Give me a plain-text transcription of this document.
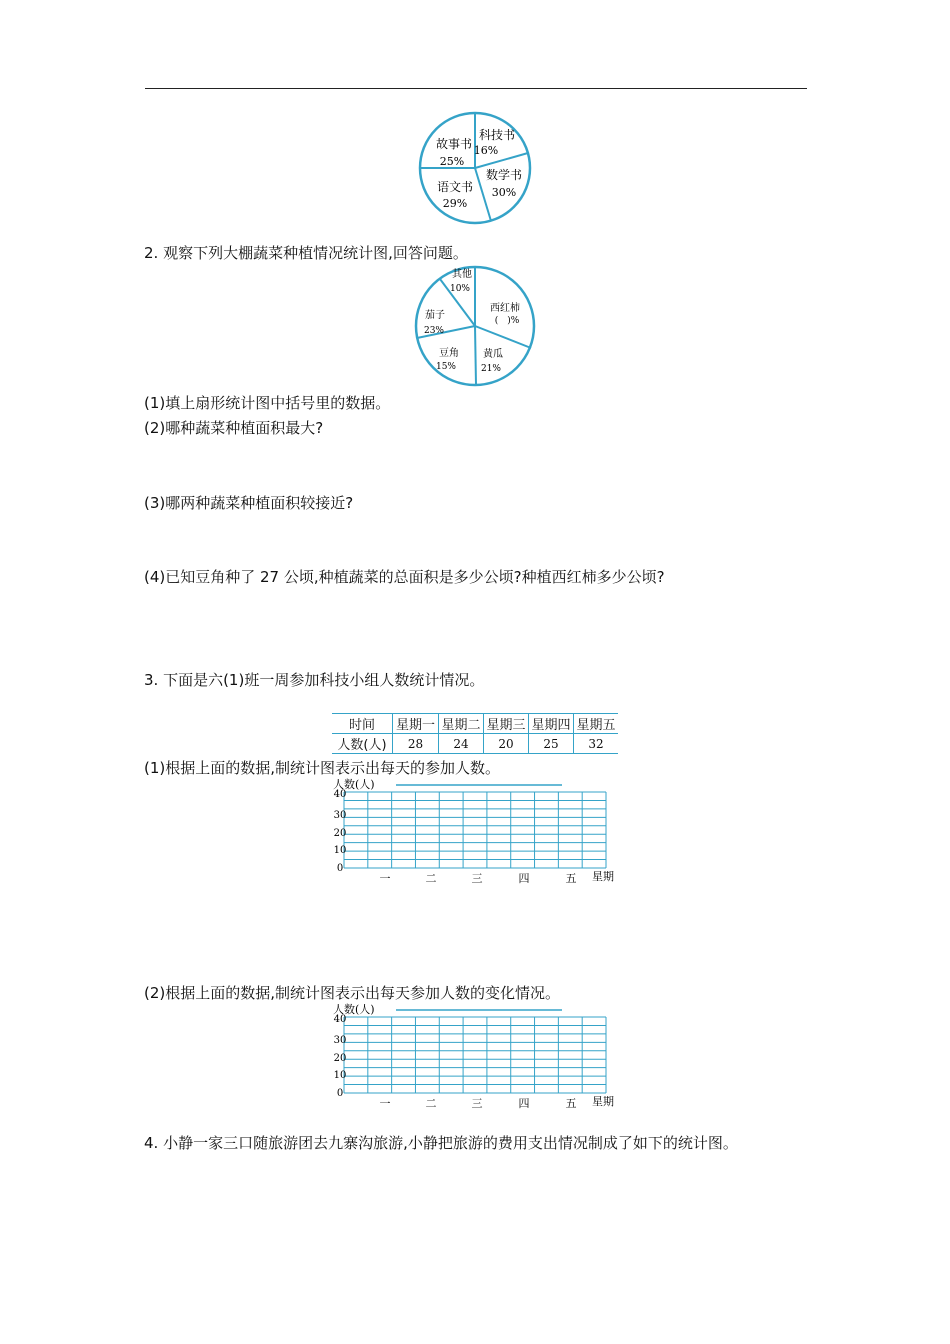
故事书
25%
科技书
16%
数学书
30%
语文书
29%
2. 观察下列大棚蔬菜种植情况统计图,回答问题。
其他
10%
西红柿
(　)%
黄瓜
21%
豆角
15%
茄子
23%
(1)填上扇形统计图中括号里的数据。
(2)哪种蔬菜种植面积最大?
(3)哪两种蔬菜种植面积较接近?
(4)已知豆角种了 27 公顷,种植蔬菜的总面积是多少公顷?种植西红柿多少公顷?
3. 下面是六(1)班一周参加科技小组人数统计情况。
时间	星期一	星期二	星期三	星期四	星期五
人数(人)	28	24	20	25	32
(1)根据上面的数据,制统计图表示出每天的参加人数。
人数(人)
40
30
20
10
0
一	二	三	四	五 星期
(2)根据上面的数据,制统计图表示出每天参加人数的变化情况。
人数(人)
40
30
20
10
0
一	二	三	四	五 星期
4. 小静一家三口随旅游团去九寨沟旅游,小静把旅游的费用支出情况制成了如下的统计图。
